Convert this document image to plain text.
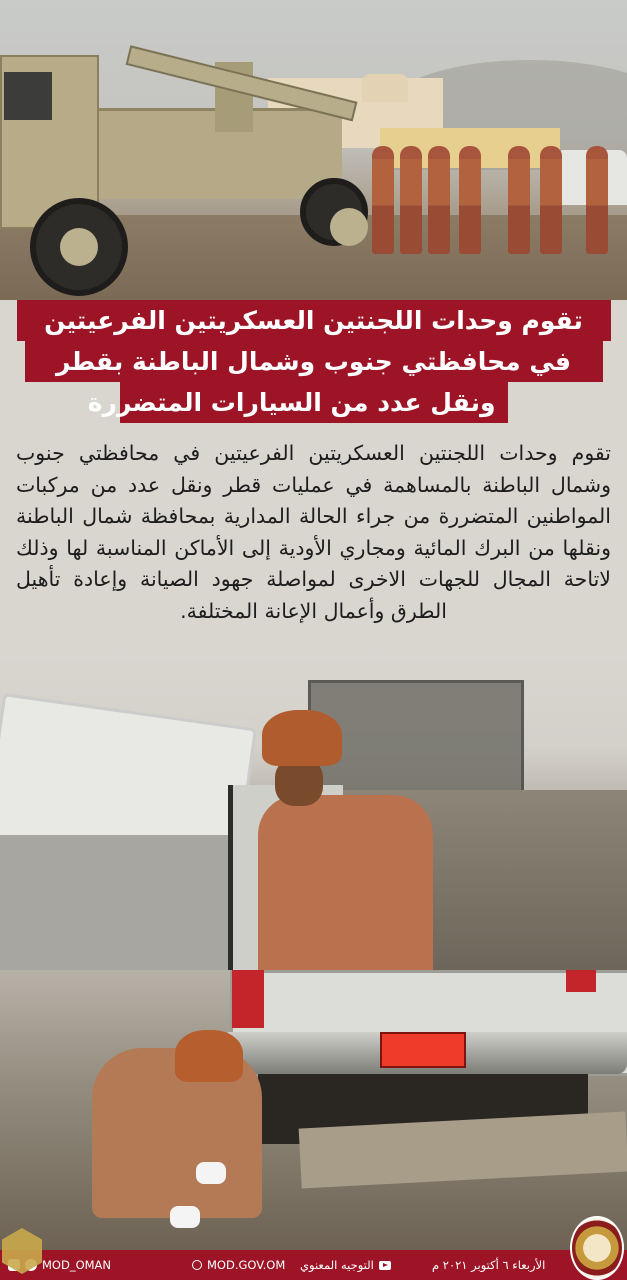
تقوم وحدات اللجنتين العسكريتين الفرعيتين
في محافظتي جنوب وشمال الباطنة بقطر
ونقل عدد من السيارات المتضررة
تقوم وحدات اللجنتين العسكريتين الفرعيتين في محافظتي جنوب وشمال الباطنة بالمساهمة في عمليات قطر ونقل عدد من مركبات المواطنين المتضررة من جراء الحالة المدارية بمحافظة شمال الباطنة ونقلها من البرك المائية ومجاري الأودية إلى الأماكن المناسبة لها وذلك لاتاحة المجال للجهات الاخرى لمواصلة جهود الصيانة وإعادة تأهيل الطرق وأعمال الإعانة المختلفة.
MOD_OMAN	MOD.GOV.OM التوجيه المعنوي	الأربعاء ٦ أكتوبر ٢٠٢١ م
